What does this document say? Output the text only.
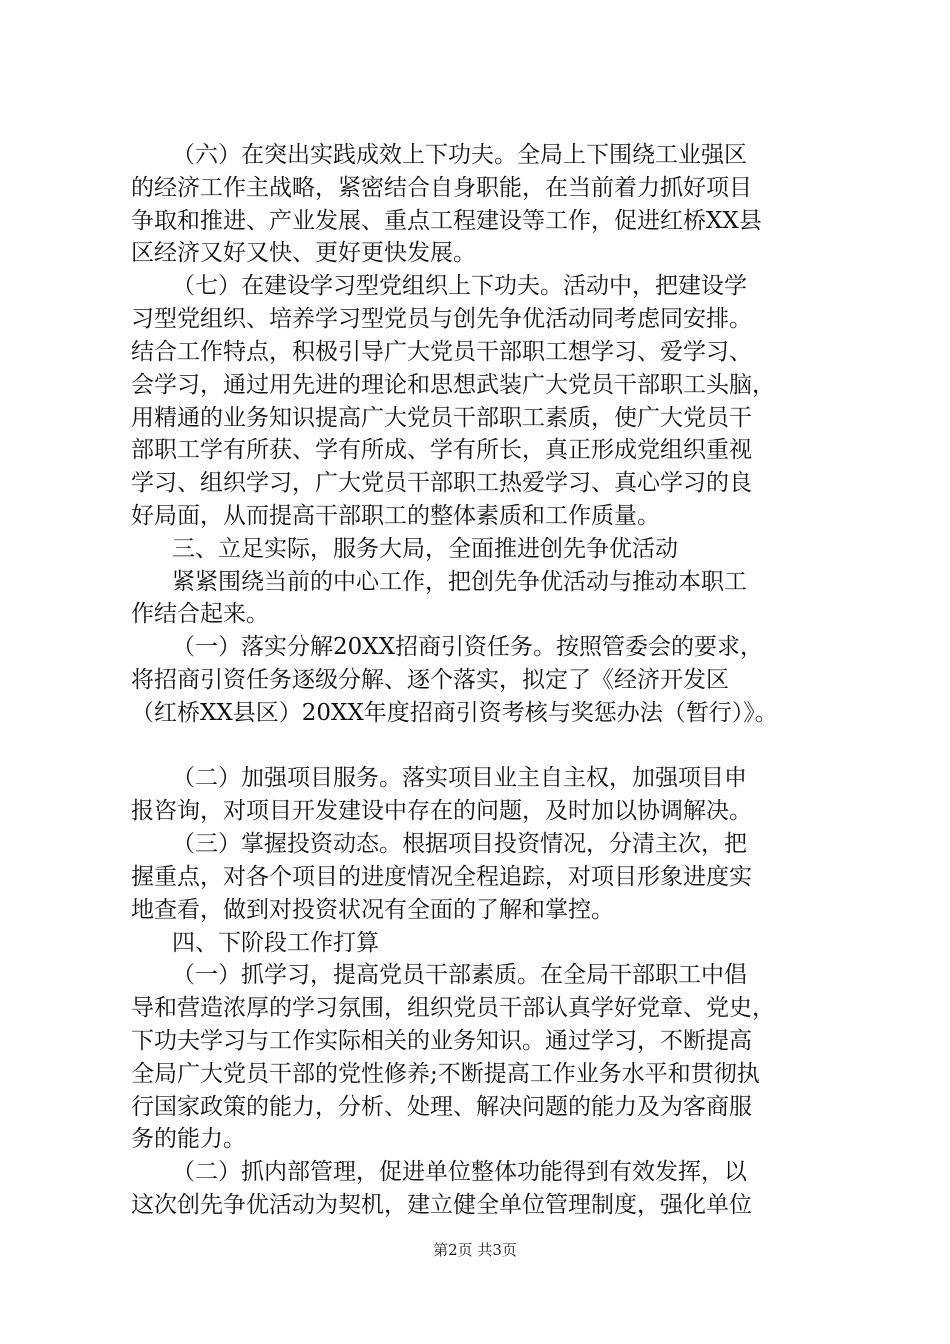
（六）在突出实践成效上下功夫。全局上下围绕工业强区
的经济工作主战略，紧密结合自身职能，在当前着力抓好项目
争取和推进、产业发展、重点工程建设等工作，促进红桥XX县
区经济又好又快、更好更快发展。
（七）在建设学习型党组织上下功夫。活动中，把建设学
习型党组织、培养学习型党员与创先争优活动同考虑同安排。
结合工作特点，积极引导广大党员干部职工想学习、爱学习、
会学习，通过用先进的理论和思想武装广大党员干部职工头脑，
用精通的业务知识提高广大党员干部职工素质，使广大党员干
部职工学有所获、学有所成、学有所长，真正形成党组织重视
学习、组织学习，广大党员干部职工热爱学习、真心学习的良
好局面，从而提高干部职工的整体素质和工作质量。
三、立足实际，服务大局，全面推进创先争优活动
紧紧围绕当前的中心工作，把创先争优活动与推动本职工
作结合起来。
（一）落实分解20XX招商引资任务。按照管委会的要求，
将招商引资任务逐级分解、逐个落实，拟定了《经济开发区
（红桥XX县区）20XX年度招商引资考核与奖惩办法（暂行）》。
（二）加强项目服务。落实项目业主自主权，加强项目申
报咨询，对项目开发建设中存在的问题，及时加以协调解决。
（三）掌握投资动态。根据项目投资情况，分清主次，把
握重点，对各个项目的进度情况全程追踪，对项目形象进度实
地查看，做到对投资状况有全面的了解和掌控。
四、下阶段工作打算
（一）抓学习，提高党员干部素质。在全局干部职工中倡
导和营造浓厚的学习氛围，组织党员干部认真学好党章、党史，
下功夫学习与工作实际相关的业务知识。通过学习，不断提高
全局广大党员干部的党性修养;不断提高工作业务水平和贯彻执
行国家政策的能力，分析、处理、解决问题的能力及为客商服
务的能力。
（二）抓内部管理，促进单位整体功能得到有效发挥，以
这次创先争优活动为契机，建立健全单位管理制度，强化单位
第2页 共3页
